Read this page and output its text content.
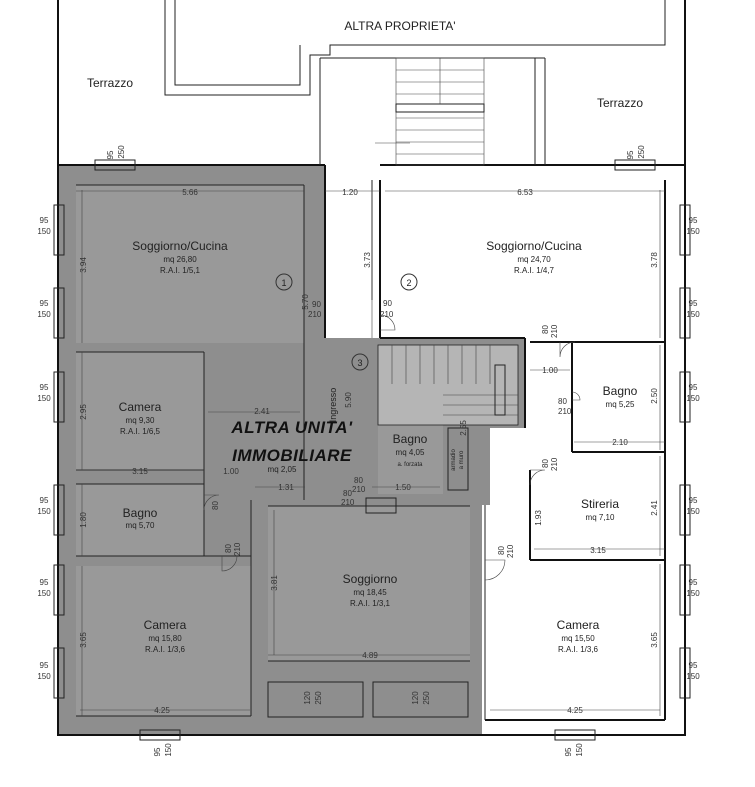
ALTRA PROPRIETA'
Terrazzo
Terrazzo
1	2
3
Soggiorno/Cucina
mq 26,80
R.A.I. 1/5,1
Camera
mq 9,30
R.A.I. 1/6,5
Bagno
mq 5,70
Camera
mq 15,80
R.A.I. 1/3,6
mq 2,05
Bagno
mq 4,05
a. forzata
Soggiorno
mq 18,45
R.A.I. 1/3,1
Soggiorno/Cucina
mq 24,70
R.A.I. 1/4,7
Bagno
mq 5,25
Stireria
mq 7,10
Camera
mq 15,50
R.A.I. 1/3,6
ALTRA UNITA'
IMMOBILIARE
Ingresso
armadio a muro
5.66	1.20	6.53
2.41
3.15	1.00
1.00
2.10
1.31	1.50
3.15
4.89
4.25	4.25
3.94	3.73	3.78
5.70
2.95
2.50
1.80
2.55
1.93
2.41
3.81
3.65	3.65
5.90
95
150
95
150
95
150
95
150
95
150
95
150
95
150
95
150
95
150
95
150
95
150
95
150
95 250	95 250
95 150	95 150
120 250	120 250
90
210
90
210
80 210
80
210
80 210
80 210
80 210
80
80
210
80
210
